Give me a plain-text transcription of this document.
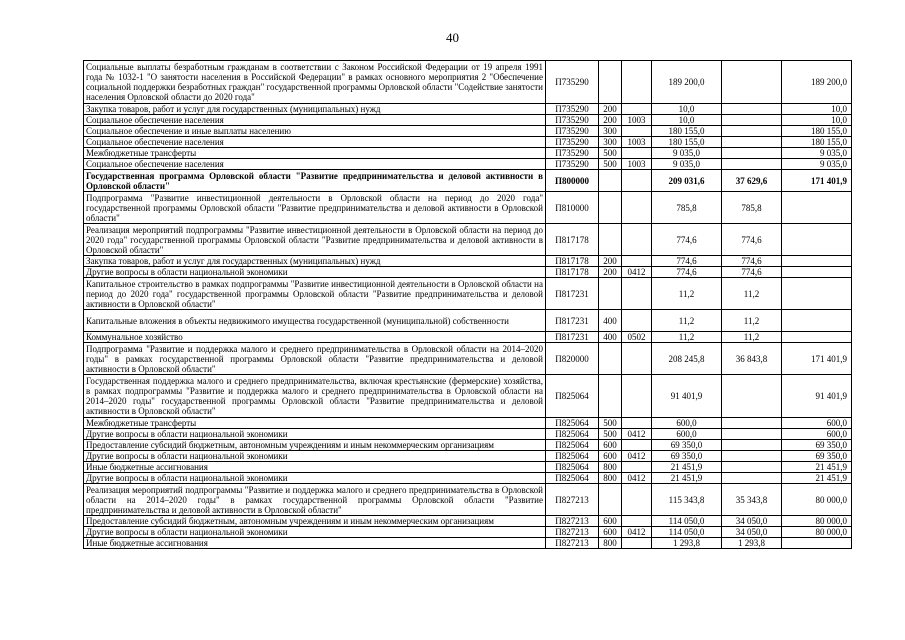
40
Социальные выплаты безработным гражданам в соответствии с Законом Российской Федерации от 19 апреля 1991 года № 1032-1 "О занятости населения в Российской Федерации" в рамках основного мероприятия 2 "Обеспечение социальной поддержки безработных граждан" государственной программы Орловской области "Содействие занятости населения Орловской области до 2020 года"	П735290			189 200,0		189 200,0
Закупка товаров, работ и услуг для государственных (муниципальных) нужд	П735290	200		10,0		10,0
Социальное обеспечение населения	П735290	200	1003	10,0		10,0
Социальное обеспечение и иные выплаты населению	П735290	300		180 155,0		180 155,0
Социальное обеспечение населения	П735290	300	1003	180 155,0		180 155,0
Межбюджетные трансферты	П735290	500		9 035,0		9 035,0
Социальное обеспечение населения	П735290	500	1003	9 035,0		9 035,0
Государственная программа Орловской области "Развитие предпринимательства и деловой активности в Орловской области"	П800000			209 031,6	37 629,6	171 401,9
Подпрограмма "Развитие инвестиционной деятельности в Орловской области на период до 2020 года" государственной программы Орловской области "Развитие предпринимательства и деловой активности в Орловской области"	П810000			785,8	785,8	
Реализация мероприятий подпрограммы "Развитие инвестиционной деятельности в Орловской области на период до 2020 года" государственной программы Орловской области "Развитие предпринимательства и деловой активности в Орловской области"	П817178			774,6	774,6	
Закупка товаров, работ и услуг для государственных (муниципальных) нужд	П817178	200		774,6	774,6	
Другие вопросы в области национальной экономики	П817178	200	0412	774,6	774,6	
Капитальное строительство в рамках подпрограммы "Развитие инвестиционной деятельности в Орловской области на период до 2020 года" государственной программы Орловской области "Развитие предпринимательства и деловой активности в Орловской области"	П817231			11,2	11,2	
Капитальные вложения в объекты недвижимого имущества государственной (муниципальной) собственности	П817231	400		11,2	11,2	
Коммунальное хозяйство	П817231	400	0502	11,2	11,2	
Подпрограмма "Развитие и поддержка малого и среднего предпринимательства в Орловской области на 2014–2020 годы" в рамках государственной программы Орловской области "Развитие предпринимательства и деловой активности в Орловской области"	П820000			208 245,8	36 843,8	171 401,9
Государственная поддержка малого и среднего предпринимательства, включая крестьянские (фермерские) хозяйства, в рамках подпрограммы "Развитие и поддержка малого и среднего предпринимательства в Орловской области на 2014–2020 годы" государственной программы Орловской области "Развитие предпринимательства и деловой активности в Орловской области"	П825064			91 401,9		91 401,9
Межбюджетные трансферты	П825064	500		600,0		600,0
Другие вопросы в области национальной экономики	П825064	500	0412	600,0		600,0
Предоставление субсидий бюджетным, автономным учреждениям и иным некоммерческим организациям	П825064	600		69 350,0		69 350,0
Другие вопросы в области национальной экономики	П825064	600	0412	69 350,0		69 350,0
Иные бюджетные ассигнования	П825064	800		21 451,9		21 451,9
Другие вопросы в области национальной экономики	П825064	800	0412	21 451,9		21 451,9
Реализация мероприятий подпрограммы "Развитие и поддержка малого и среднего предпринимательства в Орловской области на 2014–2020 годы" в рамках государственной программы Орловской области "Развитие предпринимательства и деловой активности в Орловской области"	П827213			115 343,8	35 343,8	80 000,0
Предоставление субсидий бюджетным, автономным учреждениям и иным некоммерческим организациям	П827213	600		114 050,0	34 050,0	80 000,0
Другие вопросы в области национальной экономики	П827213	600	0412	114 050,0	34 050,0	80 000,0
Иные бюджетные ассигнования	П827213	800		1 293,8	1 293,8	
